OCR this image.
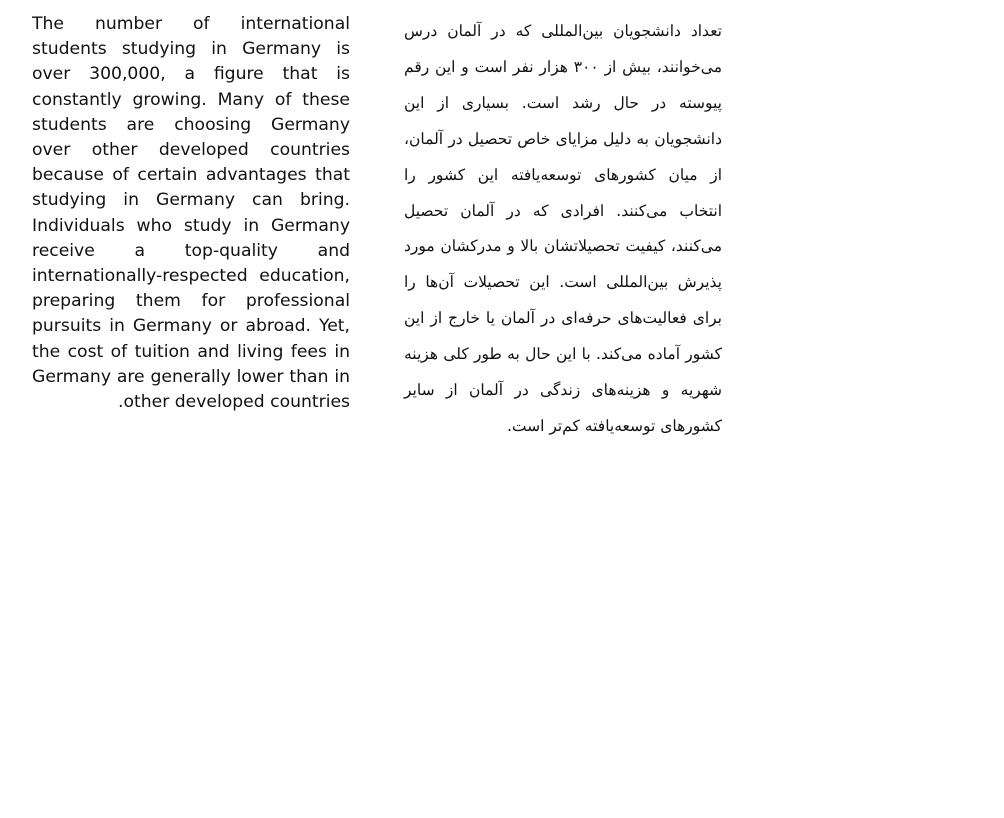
The number of international students studying in Germany is over 300,000, a figure that is constantly growing. Many of these students are choosing Germany over other developed countries because of certain advantages that studying in Germany can bring. Individuals who study in Germany receive a top-quality and internationally-respected education, preparing them for professional pursuits in Germany or abroad. Yet, the cost of tuition and living fees in Germany are generally lower than in other developed countries.

تعداد دانشجویان بین‌المللی که در آلمان درس می‌خوانند، بیش از ۳۰۰ هزار نفر است و این رقم پیوسته در حال رشد است. بسیاری از این دانشجویان به دلیل مزایای خاص تحصیل در آلمان، از میان کشورهای توسعه‌یافته این کشور را انتخاب می‌کنند. افرادی که در آلمان تحصیل می‌کنند، کیفیت تحصیلاتشان بالا و مدرکشان مورد پذیرش بین‌المللی است. این تحصیلات آن‌ها را برای فعالیت‌های حرفه‌ای در آلمان یا خارج از این کشور آماده می‌کند. با این حال به طور کلی هزینه شهریه و هزینه‌های زندگی در آلمان از سایر کشورهای توسعه‌یافته کم‌تر است.
